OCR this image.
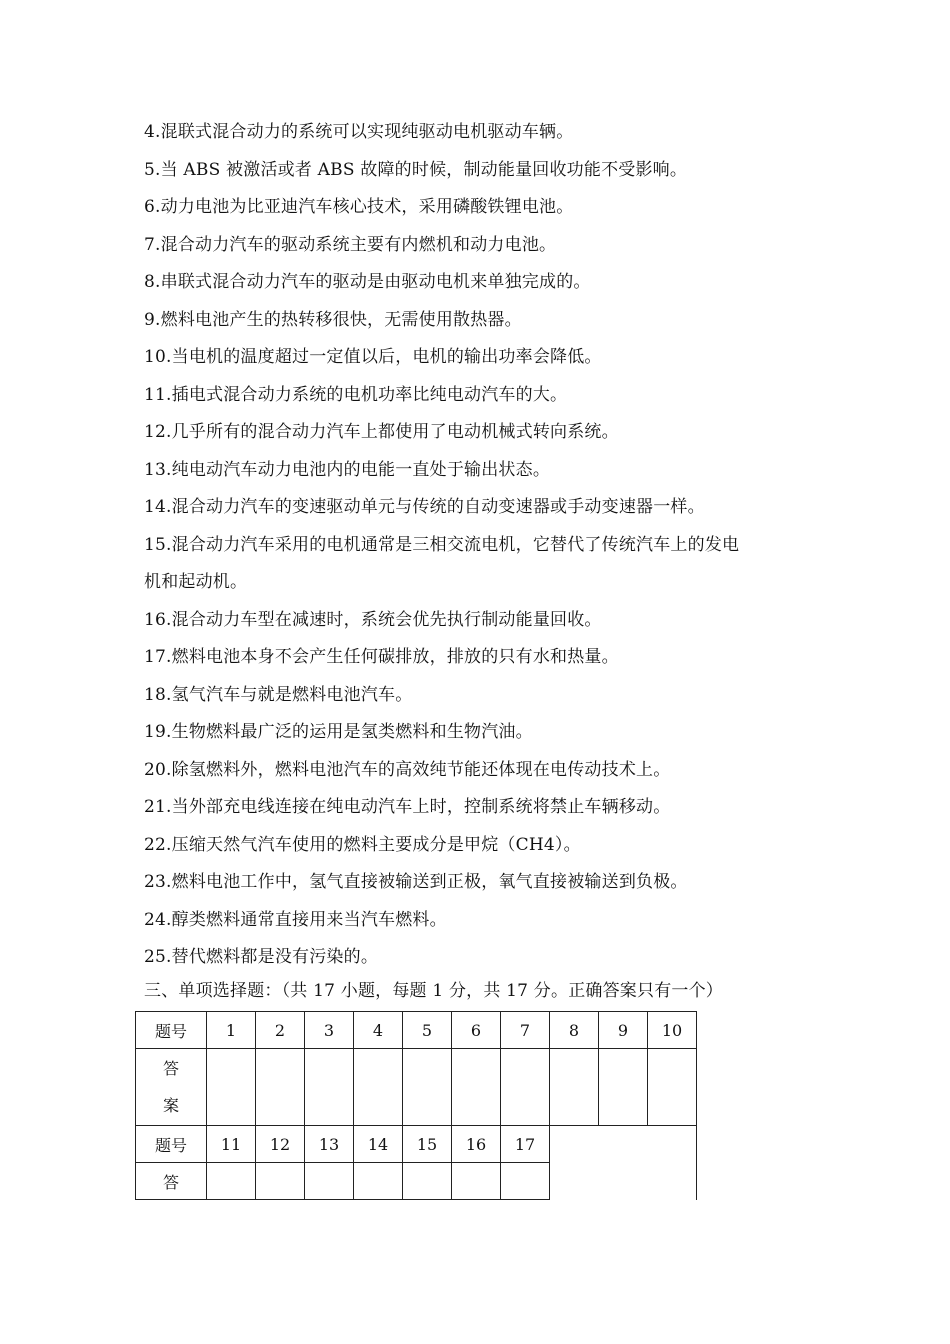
4.混联式混合动力的系统可以实现纯驱动电机驱动车辆。
5.当 ABS 被激活或者 ABS 故障的时候，制动能量回收功能不受影响。
6.动力电池为比亚迪汽车核心技术，采用磷酸铁锂电池。
7.混合动力汽车的驱动系统主要有内燃机和动力电池。
8.串联式混合动力汽车的驱动是由驱动电机来单独完成的。
9.燃料电池产生的热转移很快，无需使用散热器。
10.当电机的温度超过一定值以后，电机的输出功率会降低。
11.插电式混合动力系统的电机功率比纯电动汽车的大。
12.几乎所有的混合动力汽车上都使用了电动机械式转向系统。
13.纯电动汽车动力电池内的电能一直处于输出状态。
14.混合动力汽车的变速驱动单元与传统的自动变速器或手动变速器一样。
15.混合动力汽车采用的电机通常是三相交流电机，它替代了传统汽车上的发电
机和起动机。
16.混合动力车型在减速时，系统会优先执行制动能量回收。
17.燃料电池本身不会产生任何碳排放，排放的只有水和热量。
18.氢气汽车与就是燃料电池汽车。
19.生物燃料最广泛的运用是氢类燃料和生物汽油。
20.除氢燃料外，燃料电池汽车的高效纯节能还体现在电传动技术上。
21.当外部充电线连接在纯电动汽车上时，控制系统将禁止车辆移动。
22.压缩天然气汽车使用的燃料主要成分是甲烷（CH4）。
23.燃料电池工作中，氢气直接被输送到正极，氧气直接被输送到负极。
24.醇类燃料通常直接用来当汽车燃料。
25.替代燃料都是没有污染的。
三、单项选择题：（共 17 小题，每题 1 分，共 17 分。正确答案只有一个）
题号	1	2	3	4	5	6	7	8	9	10

答
案										

题号	11	12	13	14	15	16	17			
答										
